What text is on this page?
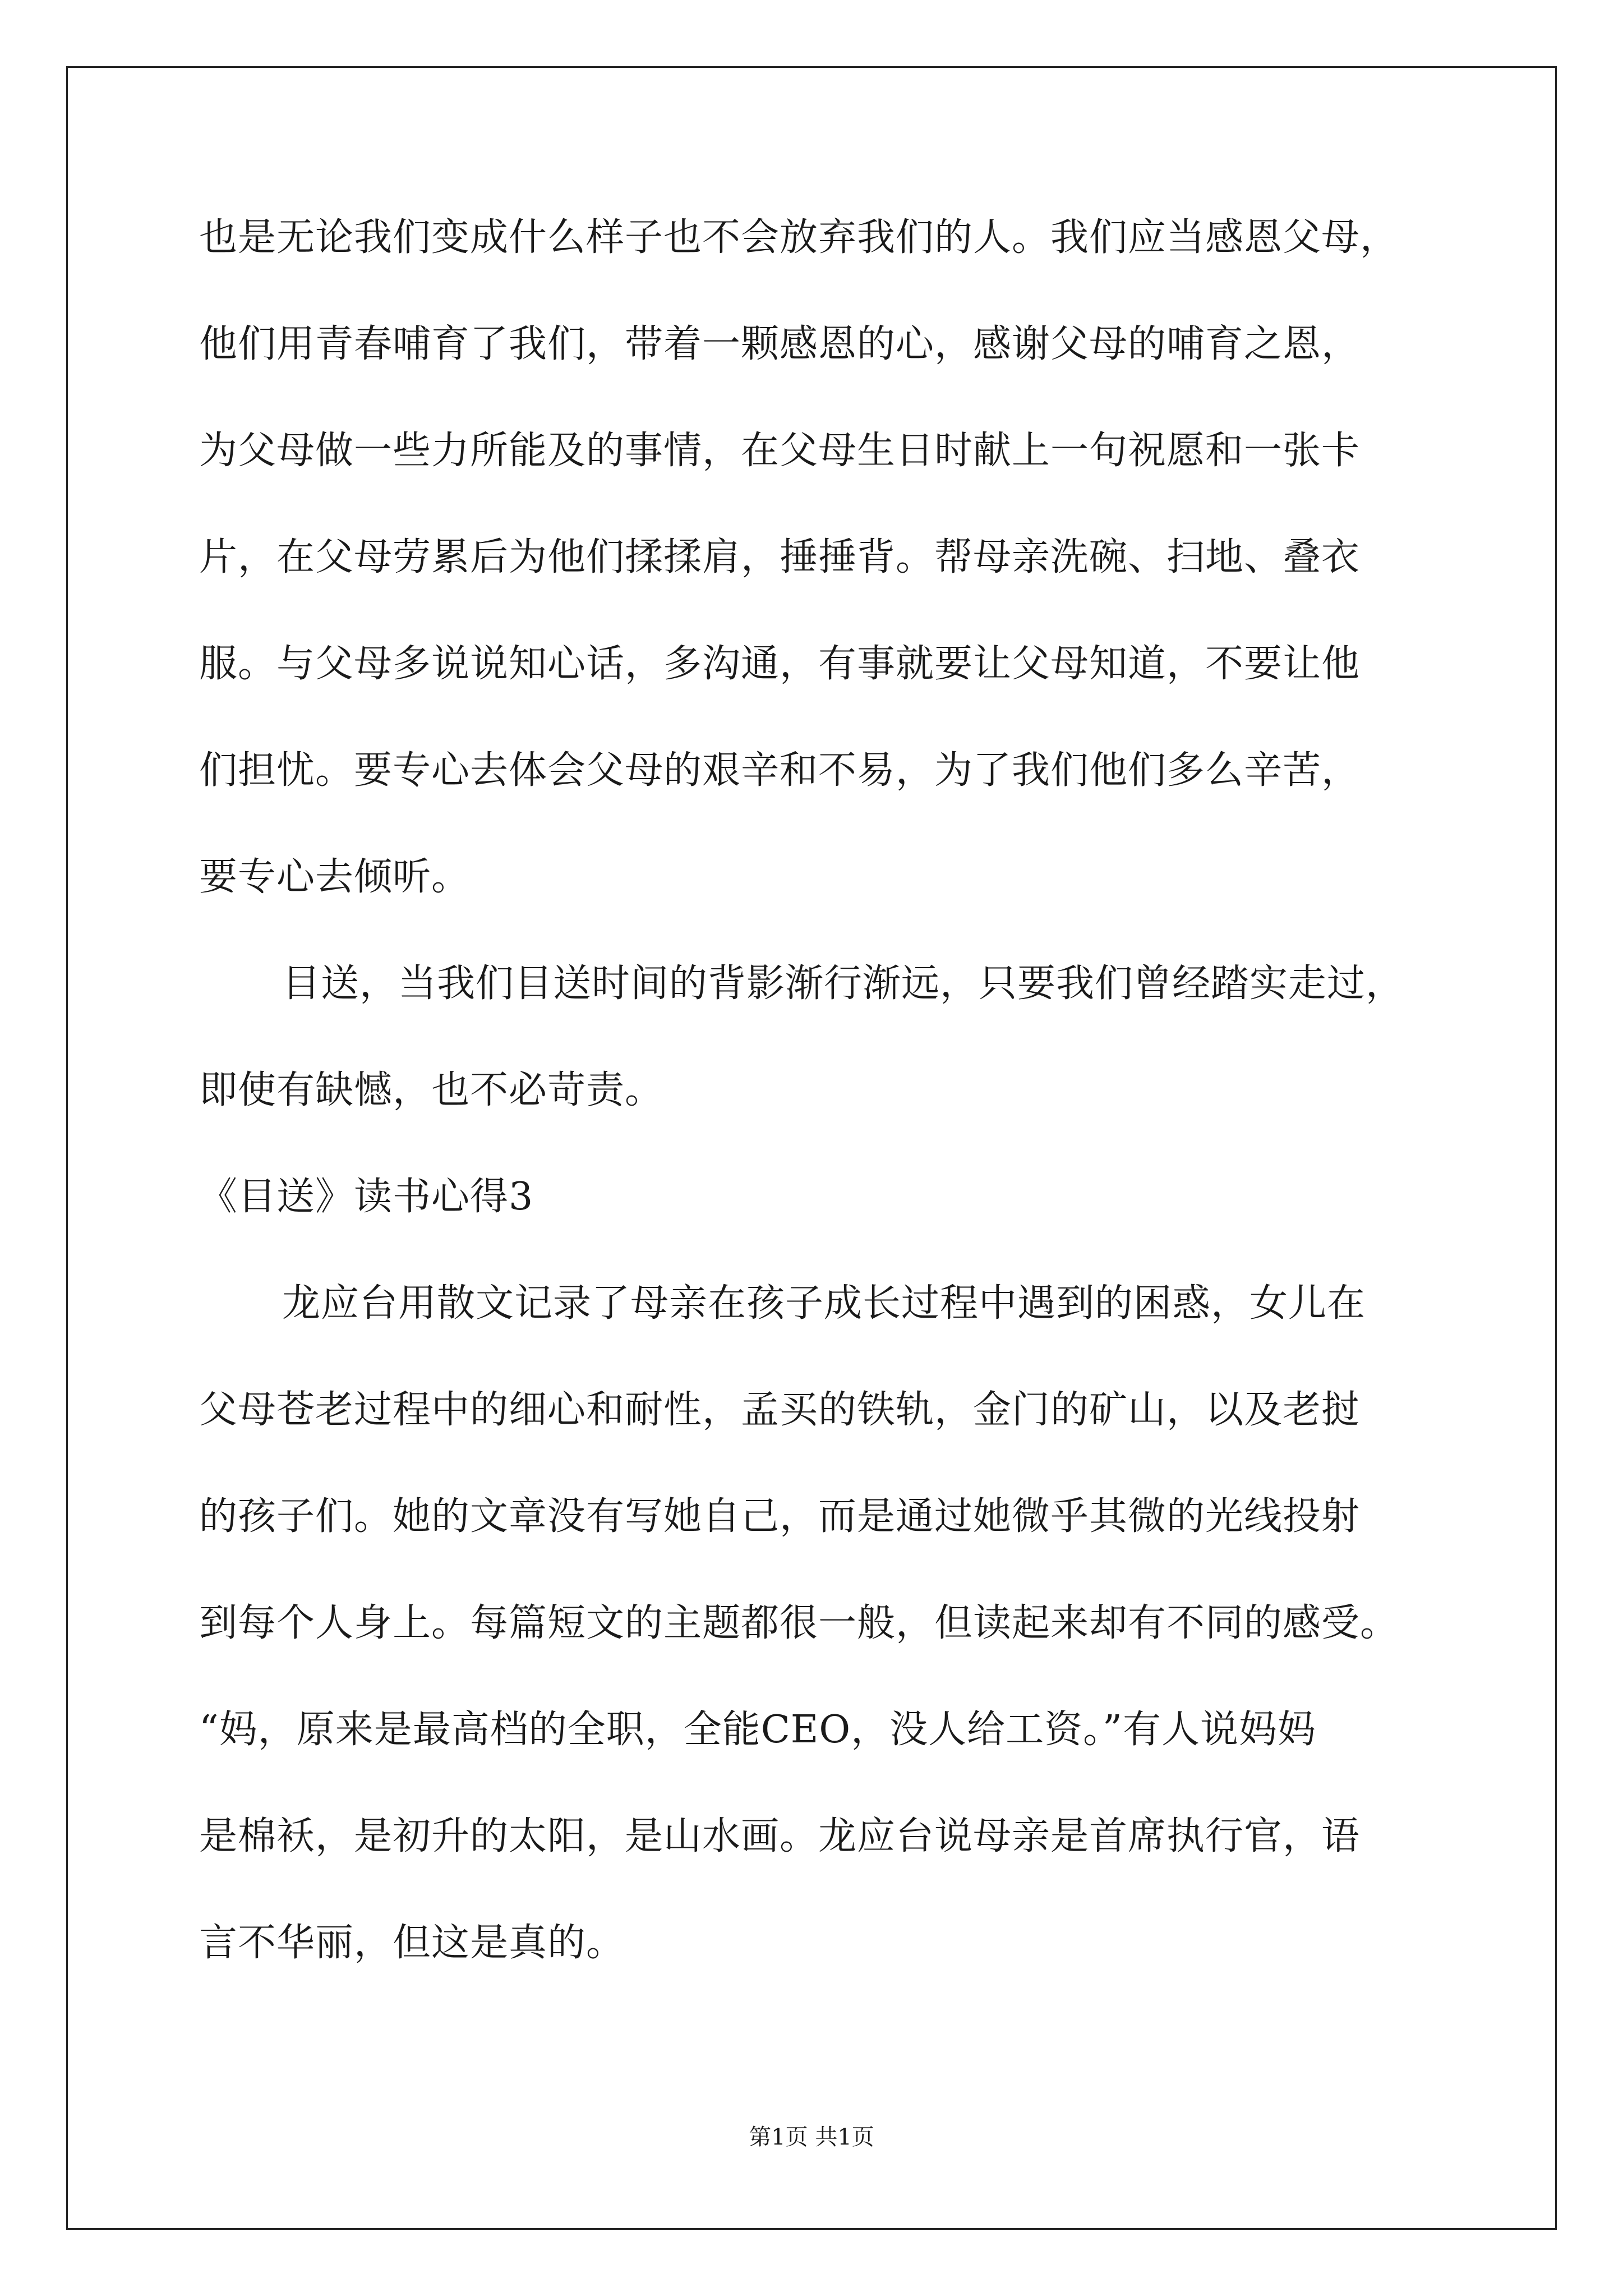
也是无论我们变成什么样子也不会放弃我们的人。我们应当感恩父母，
他们用青春哺育了我们，带着一颗感恩的心，感谢父母的哺育之恩，
为父母做一些力所能及的事情，在父母生日时献上一句祝愿和一张卡
片，在父母劳累后为他们揉揉肩，捶捶背。帮母亲洗碗、扫地、叠衣
服。与父母多说说知心话，多沟通，有事就要让父母知道，不要让他
们担忧。要专心去体会父母的艰辛和不易，为了我们他们多么辛苦，
要专心去倾听。
目送，当我们目送时间的背影渐行渐远，只要我们曾经踏实走过，
即使有缺憾，也不必苛责。
《目送》读书心得3
龙应台用散文记录了母亲在孩子成长过程中遇到的困惑，女儿在
父母苍老过程中的细心和耐性，孟买的铁轨，金门的矿山，以及老挝
的孩子们。她的文章没有写她自己，而是通过她微乎其微的光线投射
到每个人身上。每篇短文的主题都很一般，但读起来却有不同的感受。
“妈，原来是最高档的全职，全能CEO，没人给工资。”有人说妈妈
是棉袄，是初升的太阳，是山水画。龙应台说母亲是首席执行官，语
言不华丽，但这是真的。
第1页 共1页
